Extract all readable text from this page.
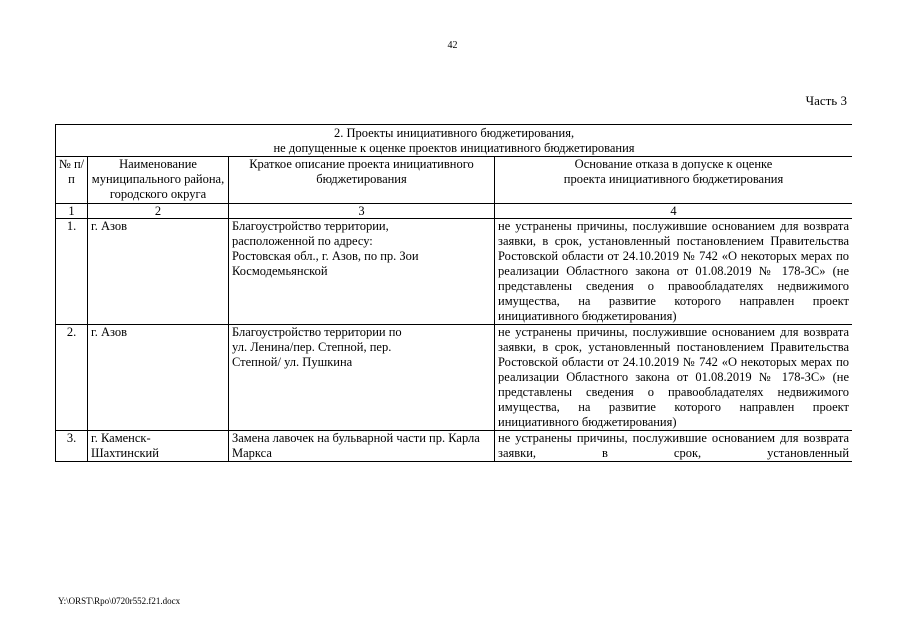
42
Часть 3
2. Проекты инициативного бюджетирования,
не допущенные к оценке проектов инициативного бюджетирования			

№ п/п	Наименование муниципального района, городского округа	Краткое описание проекта инициативного бюджетирования	Основание отказа в допуске к оценке проекта инициативного бюджетирования
1	2	3	4
1.	г. Азов	Благоустройство территории, расположенной по адресу: Ростовская обл., г. Азов, по пр. Зои Космодемьянской	не устранены причины, послужившие основанием для возврата заявки, в срок, установленный постановлением Правительства Ростовской области от 24.10.2019 № 742 «О некоторых мерах по реализации Областного закона от 01.08.2019 № 178-ЗС» (не представлены сведения о правообладателях недвижимого имущества, на развитие которого направлен проект инициативного бюджетирования)
2.	г. Азов	Благоустройство территории по ул. Ленина/пер. Степной, пер. Степной/ ул. Пушкина	не устранены причины, послужившие основанием для возврата заявки, в срок, установленный постановлением Правительства Ростовской области от 24.10.2019 № 742 «О некоторых мерах по реализации Областного закона от 01.08.2019 № 178-ЗС» (не представлены сведения о правообладателях недвижимого имущества, на развитие которого направлен проект инициативного бюджетирования)
3.	г. Каменск-Шахтинский	Замена лавочек на бульварной части пр. Карла Маркса	не устранены причины, послужившие основанием для возврата заявки, в срок, установленный
Y:\ORST\Rpo\0720r552.f21.docx
